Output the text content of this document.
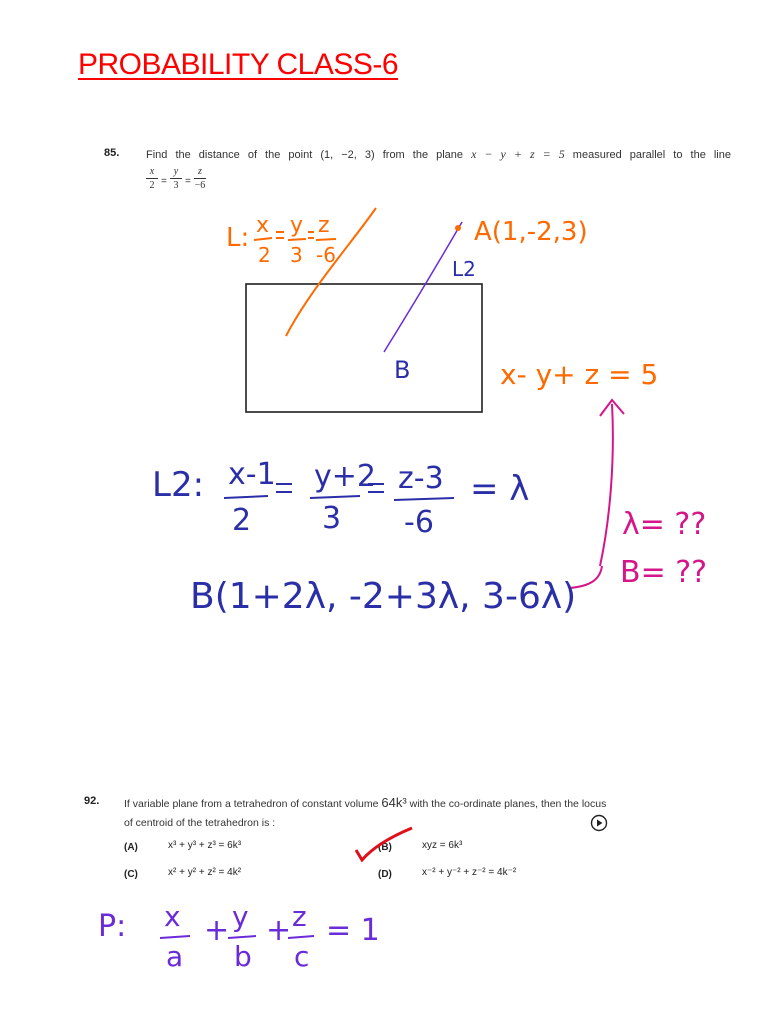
PROBABILITY CLASS-6
85. Find the distance of the point (1, −2, 3) from the plane x − y + z = 5 measured parallel to the line
x
2 =
y
3 =
z
−6
92. If variable plane from a tetrahedron of constant volume 64k³ with the co-ordinate planes, then the locus
of centroid of the tetrahedron is :
(A)	x³ + y³ + z³ = 6k³	(B)	xyz = 6k³
(C)	x² + y² + z² = 4k²	(D)	x⁻² + y⁻² + z⁻² = 4k⁻²
L: x
2
y
3
z
-6
A(1,-2,3)
L2
B	x- y+ z = 5
λ= ??
B= ??
L2: x-1
2
y+2
3
z-3
-6
= λ
B(1+2λ, -2+3λ, 3-6λ)
P: x
a
+ y
b
+ z
c
= 1
